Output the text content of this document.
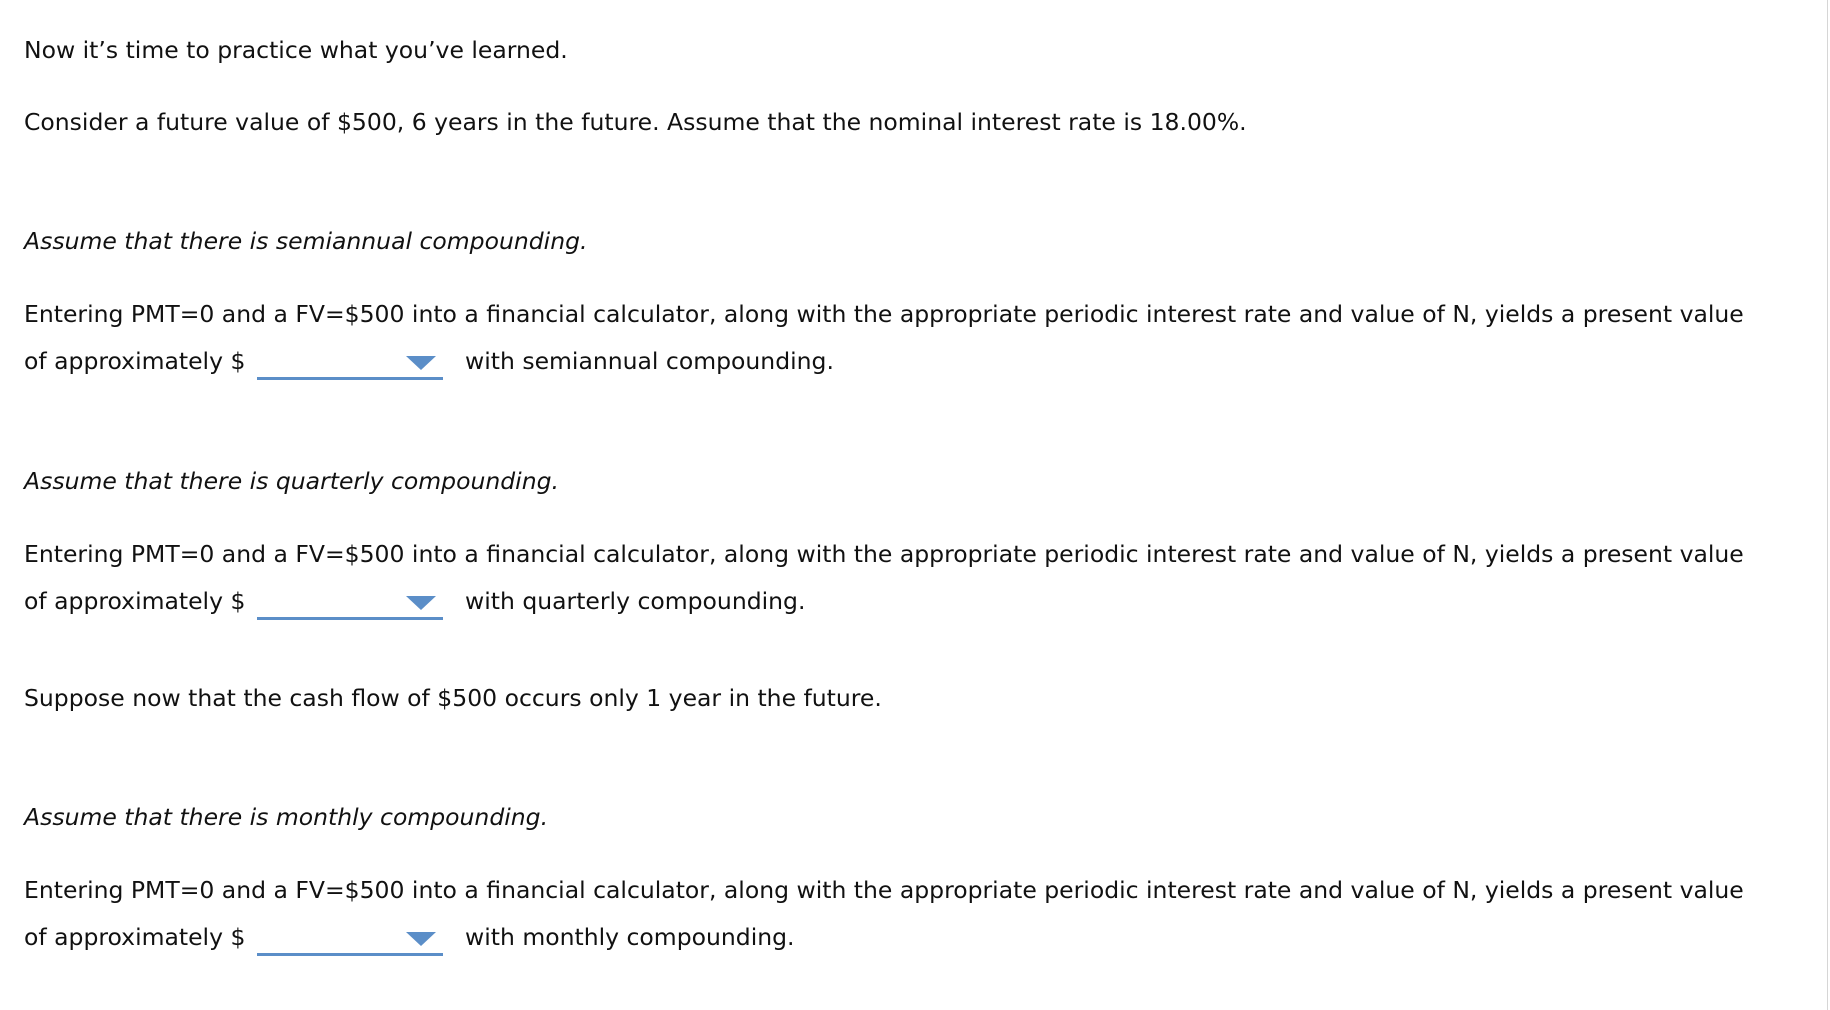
Now it’s time to practice what you’ve learned.
Consider a future value of $500, 6 years in the future. Assume that the nominal interest rate is 18.00%.
Assume that there is semiannual compounding.
Entering PMT=0 and a FV=$500 into a financial calculator, along with the appropriate periodic interest rate and value of N, yields a present value
of approximately $	with semiannual compounding.
Assume that there is quarterly compounding.
Entering PMT=0 and a FV=$500 into a financial calculator, along with the appropriate periodic interest rate and value of N, yields a present value
of approximately $	with quarterly compounding.
Suppose now that the cash flow of $500 occurs only 1 year in the future.
Assume that there is monthly compounding.
Entering PMT=0 and a FV=$500 into a financial calculator, along with the appropriate periodic interest rate and value of N, yields a present value
of approximately $	with monthly compounding.
